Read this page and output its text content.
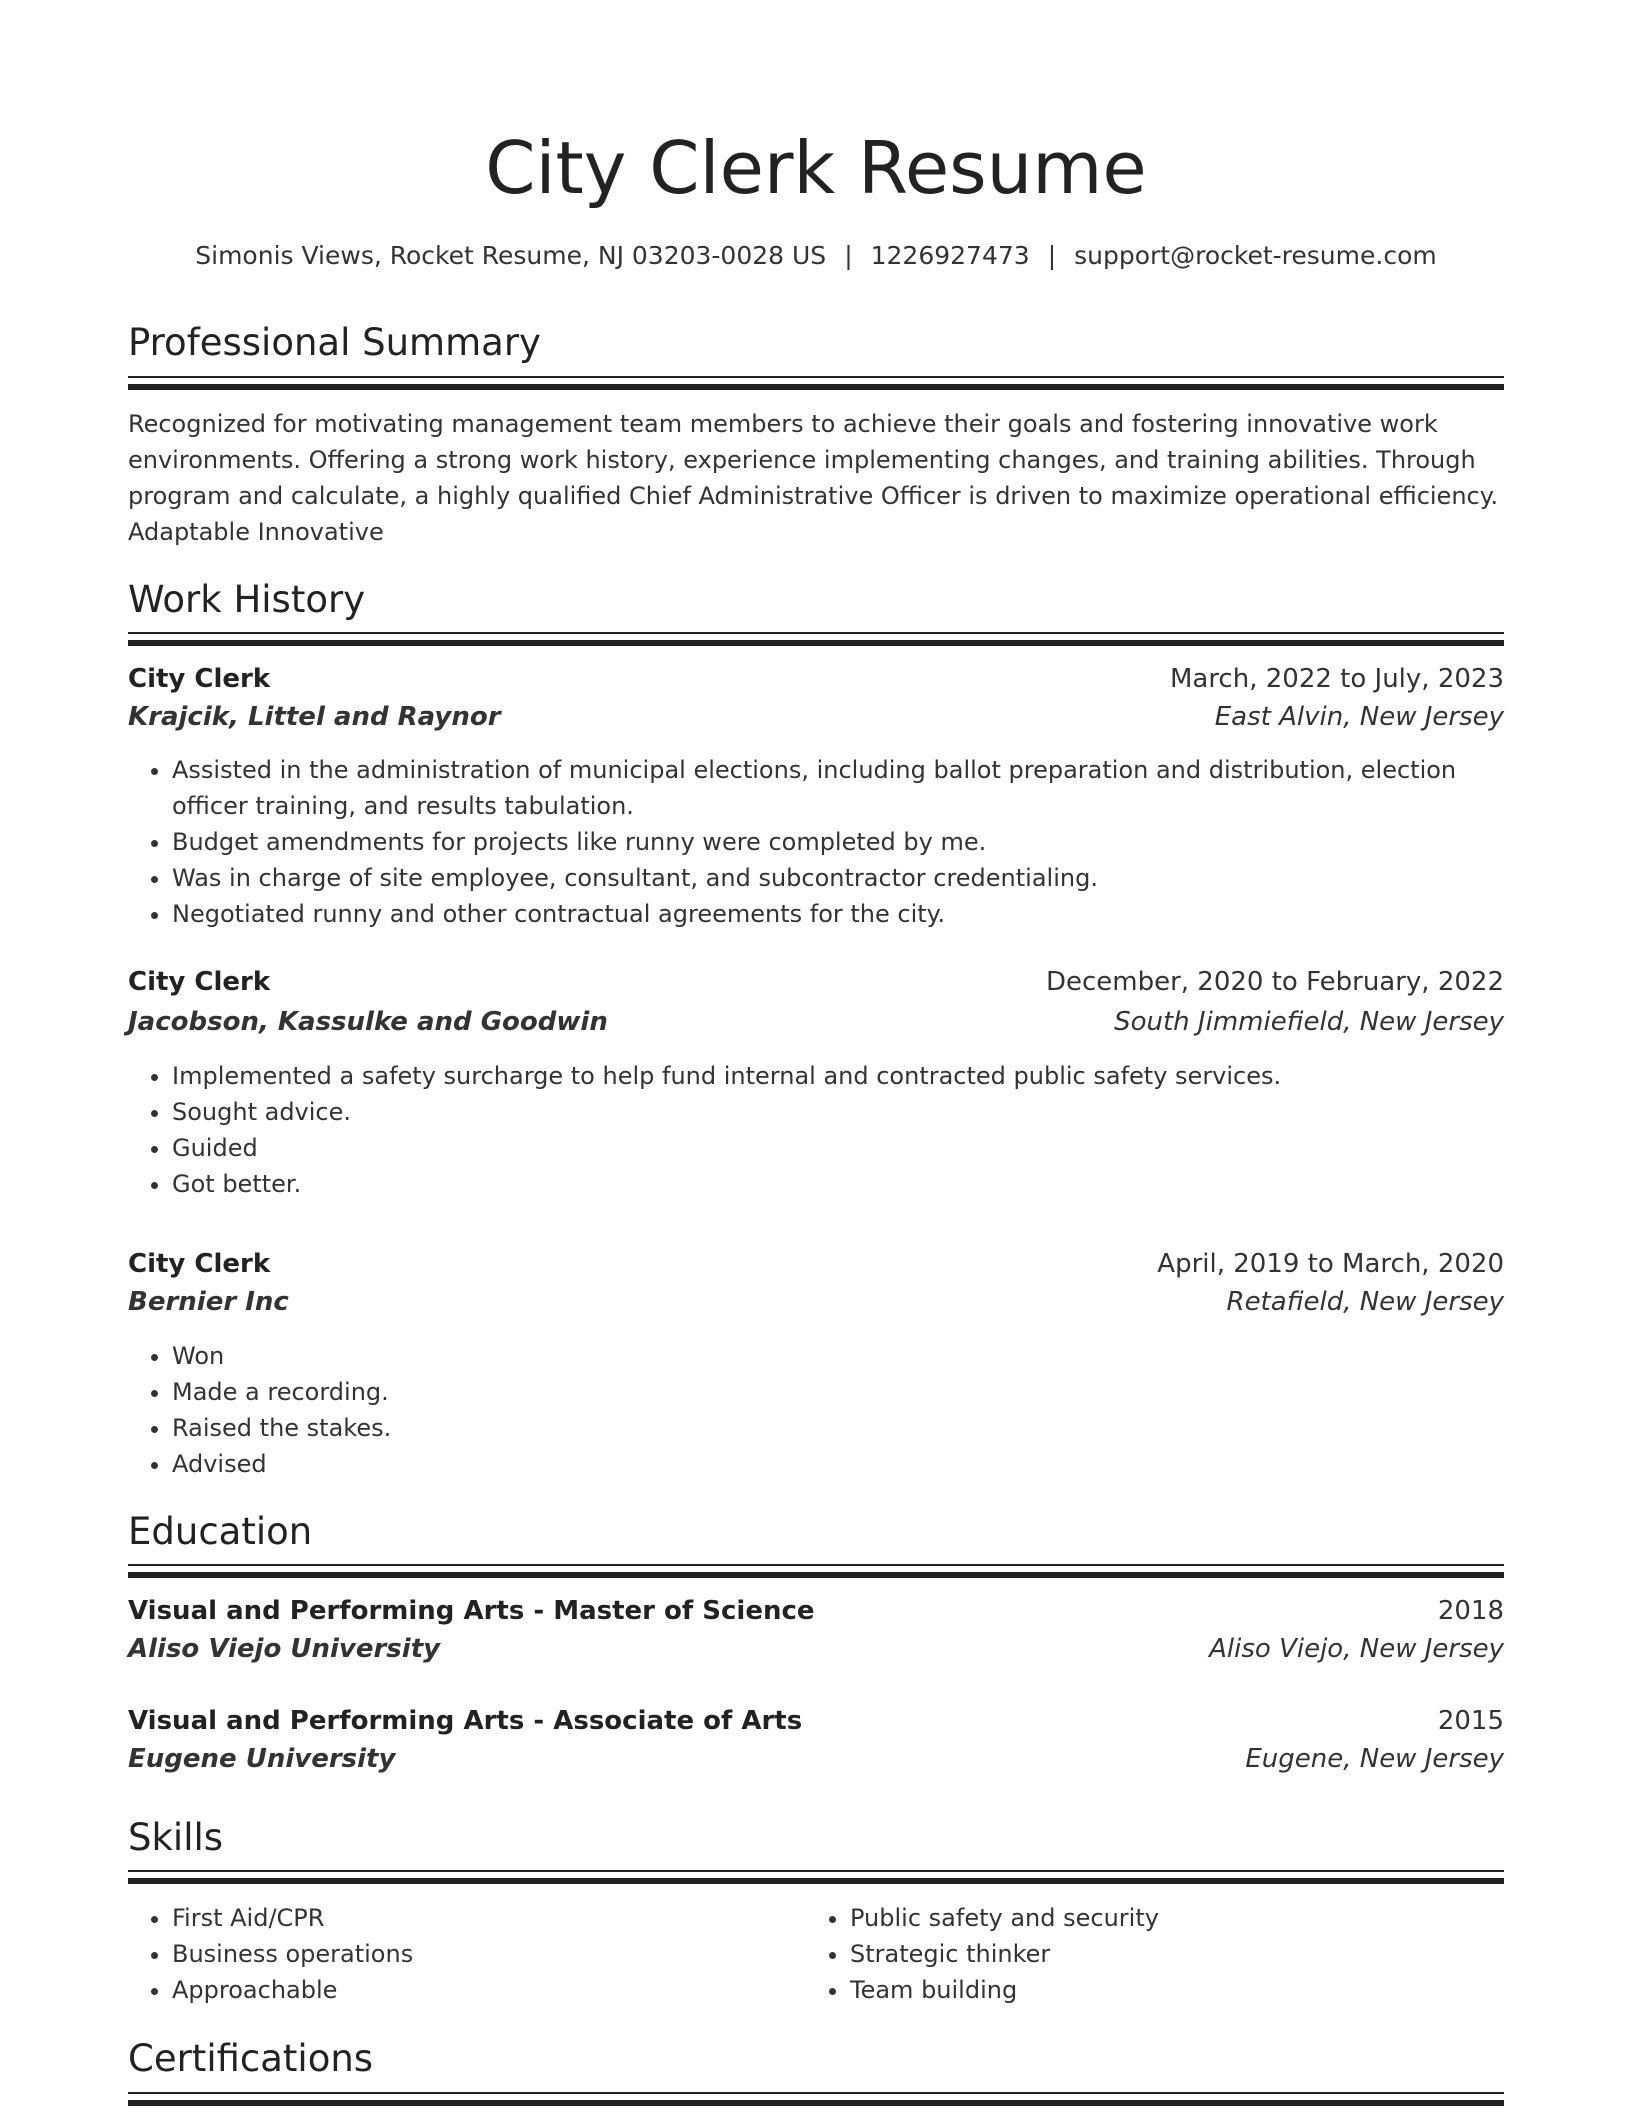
City Clerk Resume
Simonis Views, Rocket Resume, NJ 03203-0028 US | 1226927473 | support@rocket-resume.com
Professional Summary

Recognized for motivating management team members to achieve their goals and fostering innovative work environments. Offering a strong work history, experience implementing changes, and training abilities. Through program and calculate, a highly qualified Chief Administrative Officer is driven to maximize operational efficiency. Adaptable Innovative

Work History
City Clerk	March, 2022 to July, 2023
Krajcik, Littel and Raynor	East Alvin, New Jersey
• Assisted in the administration of municipal elections, including ballot preparation and distribution, election officer training, and results tabulation.
• Budget amendments for projects like runny were completed by me.
• Was in charge of site employee, consultant, and subcontractor credentialing.
• Negotiated runny and other contractual agreements for the city.
City Clerk	December, 2020 to February, 2022
Jacobson, Kassulke and Goodwin	South Jimmiefield, New Jersey
• Implemented a safety surcharge to help fund internal and contracted public safety services.
• Sought advice.
• Guided
• Got better.
City Clerk	April, 2019 to March, 2020
Bernier Inc	Retafield, New Jersey
• Won
• Made a recording.
• Raised the stakes.
• Advised
Education
Visual and Performing Arts - Master of Science	2018
Aliso Viejo University	Aliso Viejo, New Jersey
Visual and Performing Arts - Associate of Arts	2015
Eugene University	Eugene, New Jersey
Skills
• First Aid/CPR
• Business operations
• Approachable
• Public safety and security
• Strategic thinker
• Team building
Certifications
